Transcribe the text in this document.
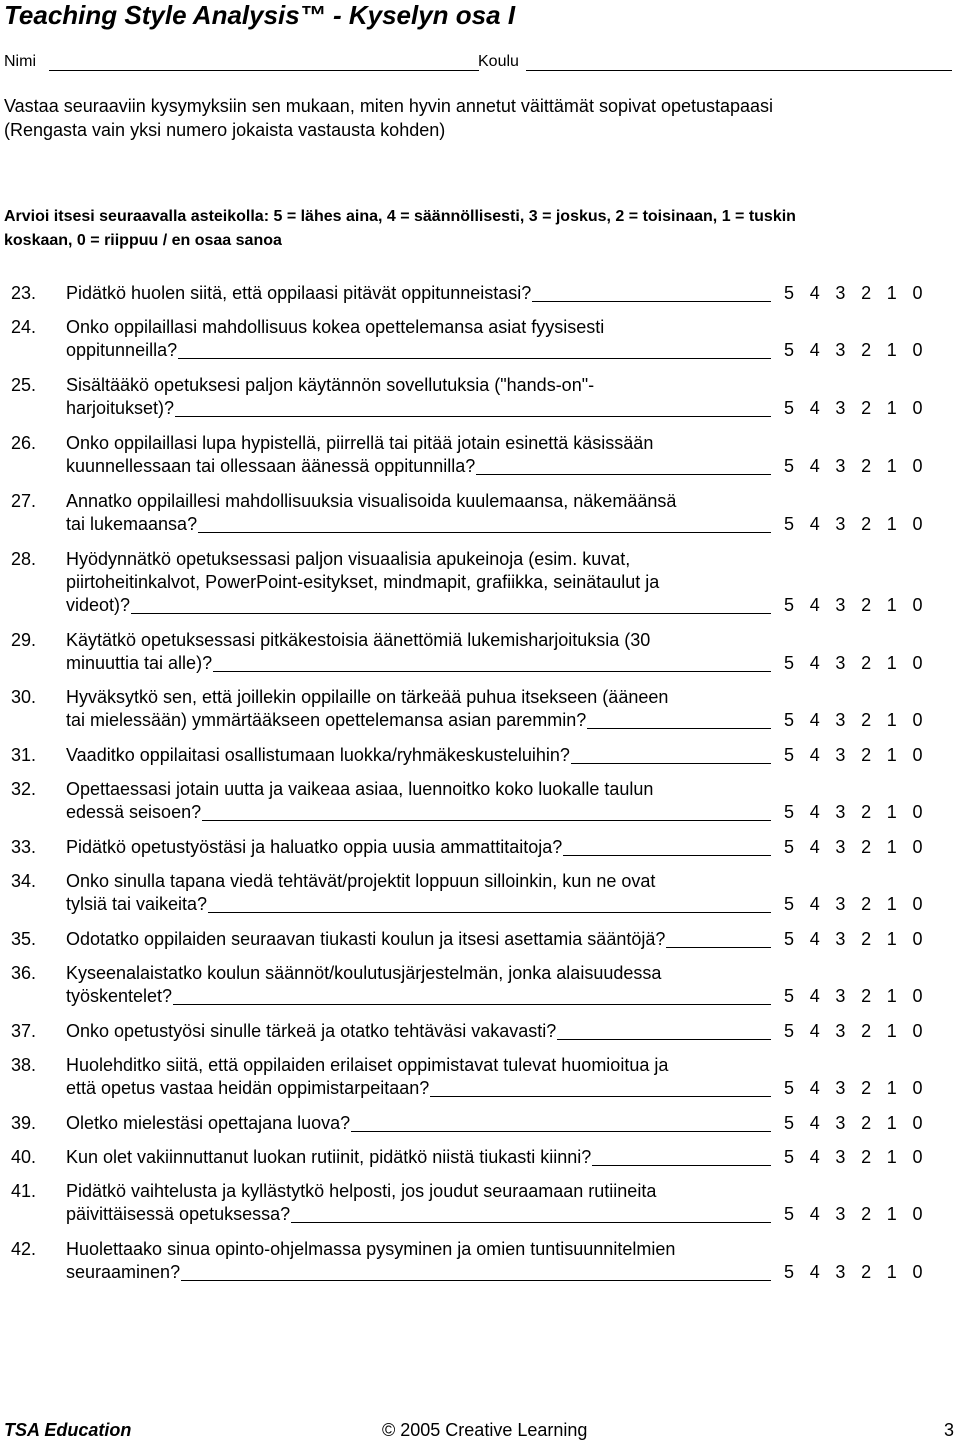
Teaching Style Analysis™ - Kyselyn osa I
Nimi	Koulu
Vastaa seuraaviin kysymyksiin sen mukaan, miten hyvin annetut väittämät sopivat opetustapaasi
(Rengasta vain yksi numero jokaista vastausta kohden)
Arvioi itsesi seuraavalla asteikolla: 5 = lähes aina, 4 = säännöllisesti, 3 = joskus, 2 = toisinaan, 1 = tuskin
koskaan, 0 = riippuu / en osaa sanoa
23. Pidätkö huolen siitä, että oppilaasi pitävät oppitunneistasi?	5 4 3 2 1 0
24. Onko oppilaillasi mahdollisuus kokea opettelemansa asiat fyysisesti
oppitunneilla?	5 4 3 2 1 0
25. Sisältääkö opetuksesi paljon käytännön sovellutuksia ("hands-on"-
harjoitukset)?	5 4 3 2 1 0
26. Onko oppilaillasi lupa hypistellä, piirrellä tai pitää jotain esinettä käsissään
kuunnellessaan tai ollessaan äänessä oppitunnilla?	5 4 3 2 1 0
27. Annatko oppilaillesi mahdollisuuksia visualisoida kuulemaansa, näkemäänsä
tai lukemaansa?	5 4 3 2 1 0
28. Hyödynnätkö opetuksessasi paljon visuaalisia apukeinoja (esim. kuvat,
piirtoheitinkalvot, PowerPoint-esitykset, mindmapit, grafiikka, seinätaulut ja
videot)?	5 4 3 2 1 0
29. Käytätkö opetuksessasi pitkäkestoisia äänettömiä lukemisharjoituksia (30
minuuttia tai alle)?	5 4 3 2 1 0
30. Hyväksytkö sen, että joillekin oppilaille on tärkeää puhua itsekseen (ääneen
tai mielessään) ymmärtääkseen opettelemansa asian paremmin?	5 4 3 2 1 0
31. Vaaditko oppilaitasi osallistumaan luokka/ryhmäkeskusteluihin?	5 4 3 2 1 0
32. Opettaessasi jotain uutta ja vaikeaa asiaa, luennoitko koko luokalle taulun
edessä seisoen?	5 4 3 2 1 0
33. Pidätkö opetustyöstäsi ja haluatko oppia uusia ammattitaitoja?	5 4 3 2 1 0
34. Onko sinulla tapana viedä tehtävät/projektit loppuun silloinkin, kun ne ovat
tylsiä tai vaikeita?	5 4 3 2 1 0
35. Odotatko oppilaiden seuraavan tiukasti koulun ja itsesi asettamia sääntöjä?	5 4 3 2 1 0
36. Kyseenalaistatko koulun säännöt/koulutusjärjestelmän, jonka alaisuudessa
työskentelet?	5 4 3 2 1 0
37. Onko opetustyösi sinulle tärkeä ja otatko tehtäväsi vakavasti?	5 4 3 2 1 0
38. Huolehditko siitä, että oppilaiden erilaiset oppimistavat tulevat huomioitua ja
että opetus vastaa heidän oppimistarpeitaan?	5 4 3 2 1 0
39. Oletko mielestäsi opettajana luova?	5 4 3 2 1 0
40. Kun olet vakiinnuttanut luokan rutiinit, pidätkö niistä tiukasti kiinni?	5 4 3 2 1 0
41. Pidätkö vaihtelusta ja kyllästytkö helposti, jos joudut seuraamaan rutiineita
päivittäisessä opetuksessa?	5 4 3 2 1 0
42. Huolettaako sinua opinto-ohjelmassa pysyminen ja omien tuntisuunnitelmien
seuraaminen?	5 4 3 2 1 0
TSA Education	© 2005 Creative Learning	3
